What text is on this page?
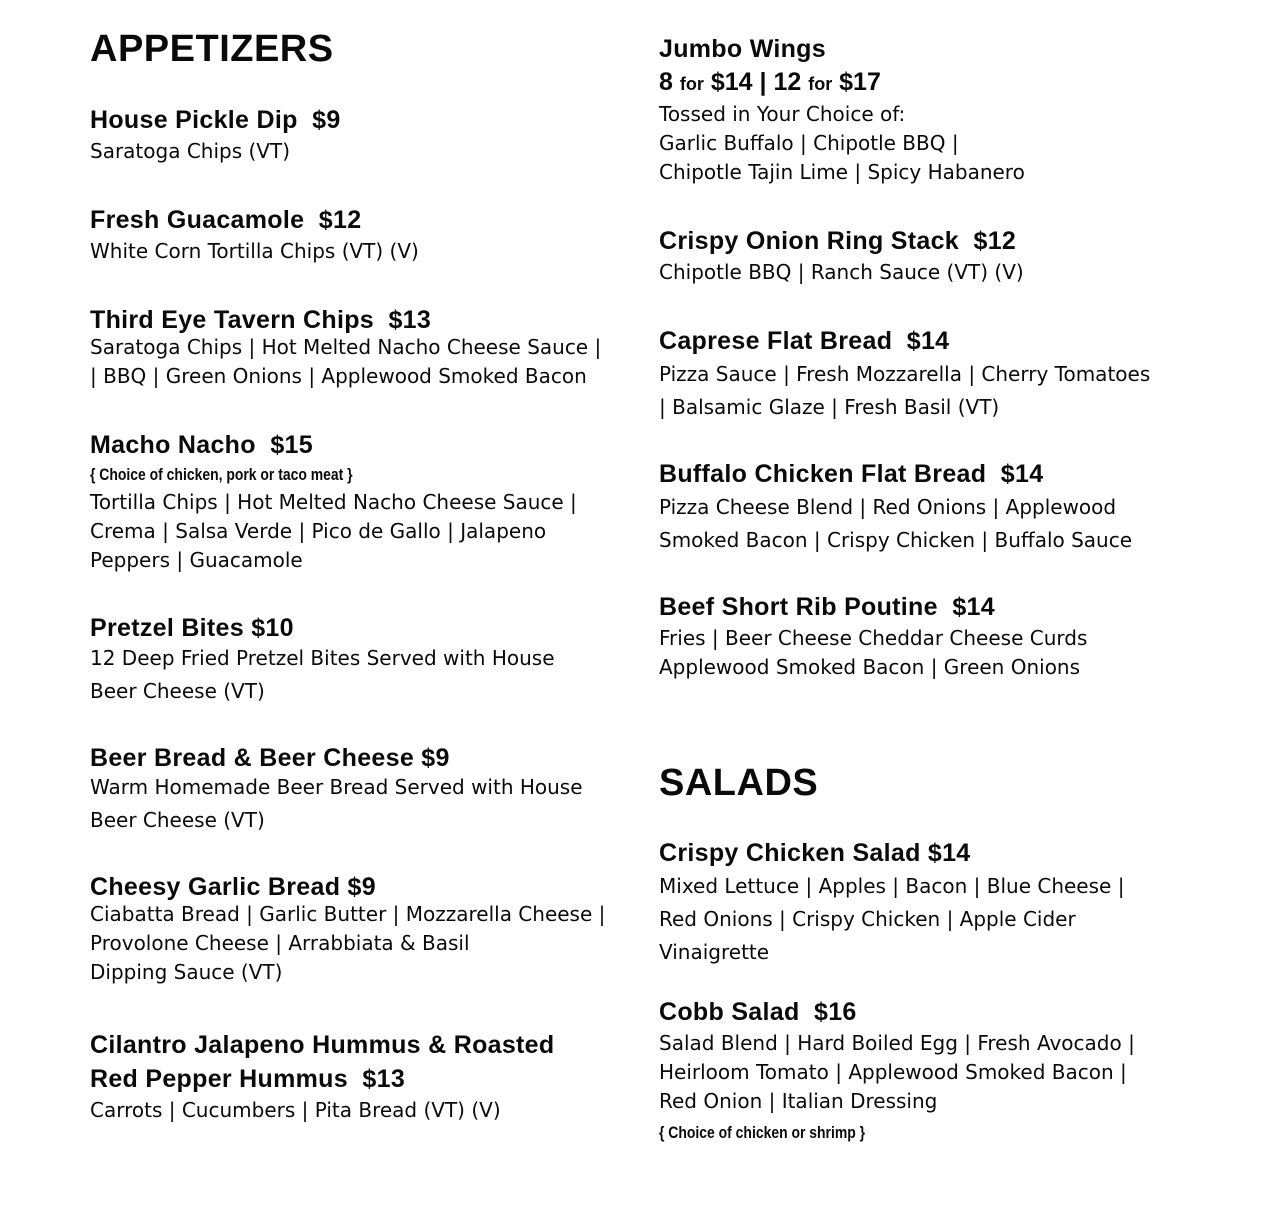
APPETIZERS
House Pickle Dip  $9
Saratoga Chips (VT)
Fresh Guacamole  $12
White Corn Tortilla Chips (VT) (V)
Third Eye Tavern Chips  $13
Saratoga Chips | Hot Melted Nacho Cheese Sauce |
| BBQ | Green Onions | Applewood Smoked Bacon
Macho Nacho  $15
{ Choice of chicken, pork or taco meat }
Tortilla Chips | Hot Melted Nacho Cheese Sauce |
Crema | Salsa Verde | Pico de Gallo | Jalapeno
Peppers | Guacamole
Pretzel Bites $10
12 Deep Fried Pretzel Bites Served with House
Beer Cheese (VT)
Beer Bread & Beer Cheese $9
Warm Homemade Beer Bread Served with House
Beer Cheese (VT)
Cheesy Garlic Bread $9
Ciabatta Bread | Garlic Butter | Mozzarella Cheese |
Provolone Cheese | Arrabbiata & Basil
Dipping Sauce (VT)
Cilantro Jalapeno Hummus & Roasted
Red Pepper Hummus  $13
Carrots | Cucumbers | Pita Bread (VT) (V)
Jumbo Wings
8 for $14 | 12 for $17
Tossed in Your Choice of:
Garlic Buffalo | Chipotle BBQ |
Chipotle Tajin Lime | Spicy Habanero
Crispy Onion Ring Stack  $12
Chipotle BBQ | Ranch Sauce (VT) (V)
Caprese Flat Bread  $14
Pizza Sauce | Fresh Mozzarella | Cherry Tomatoes
| Balsamic Glaze | Fresh Basil (VT)
Buffalo Chicken Flat Bread  $14
Pizza Cheese Blend | Red Onions | Applewood
Smoked Bacon | Crispy Chicken | Buffalo Sauce
Beef Short Rib Poutine  $14
Fries | Beer Cheese Cheddar Cheese Curds
Applewood Smoked Bacon | Green Onions
SALADS
Crispy Chicken Salad $14
Mixed Lettuce | Apples | Bacon | Blue Cheese |
Red Onions | Crispy Chicken | Apple Cider
Vinaigrette
Cobb Salad  $16
Salad Blend | Hard Boiled Egg | Fresh Avocado |
Heirloom Tomato | Applewood Smoked Bacon |
Red Onion | Italian Dressing
{ Choice of chicken or shrimp }
